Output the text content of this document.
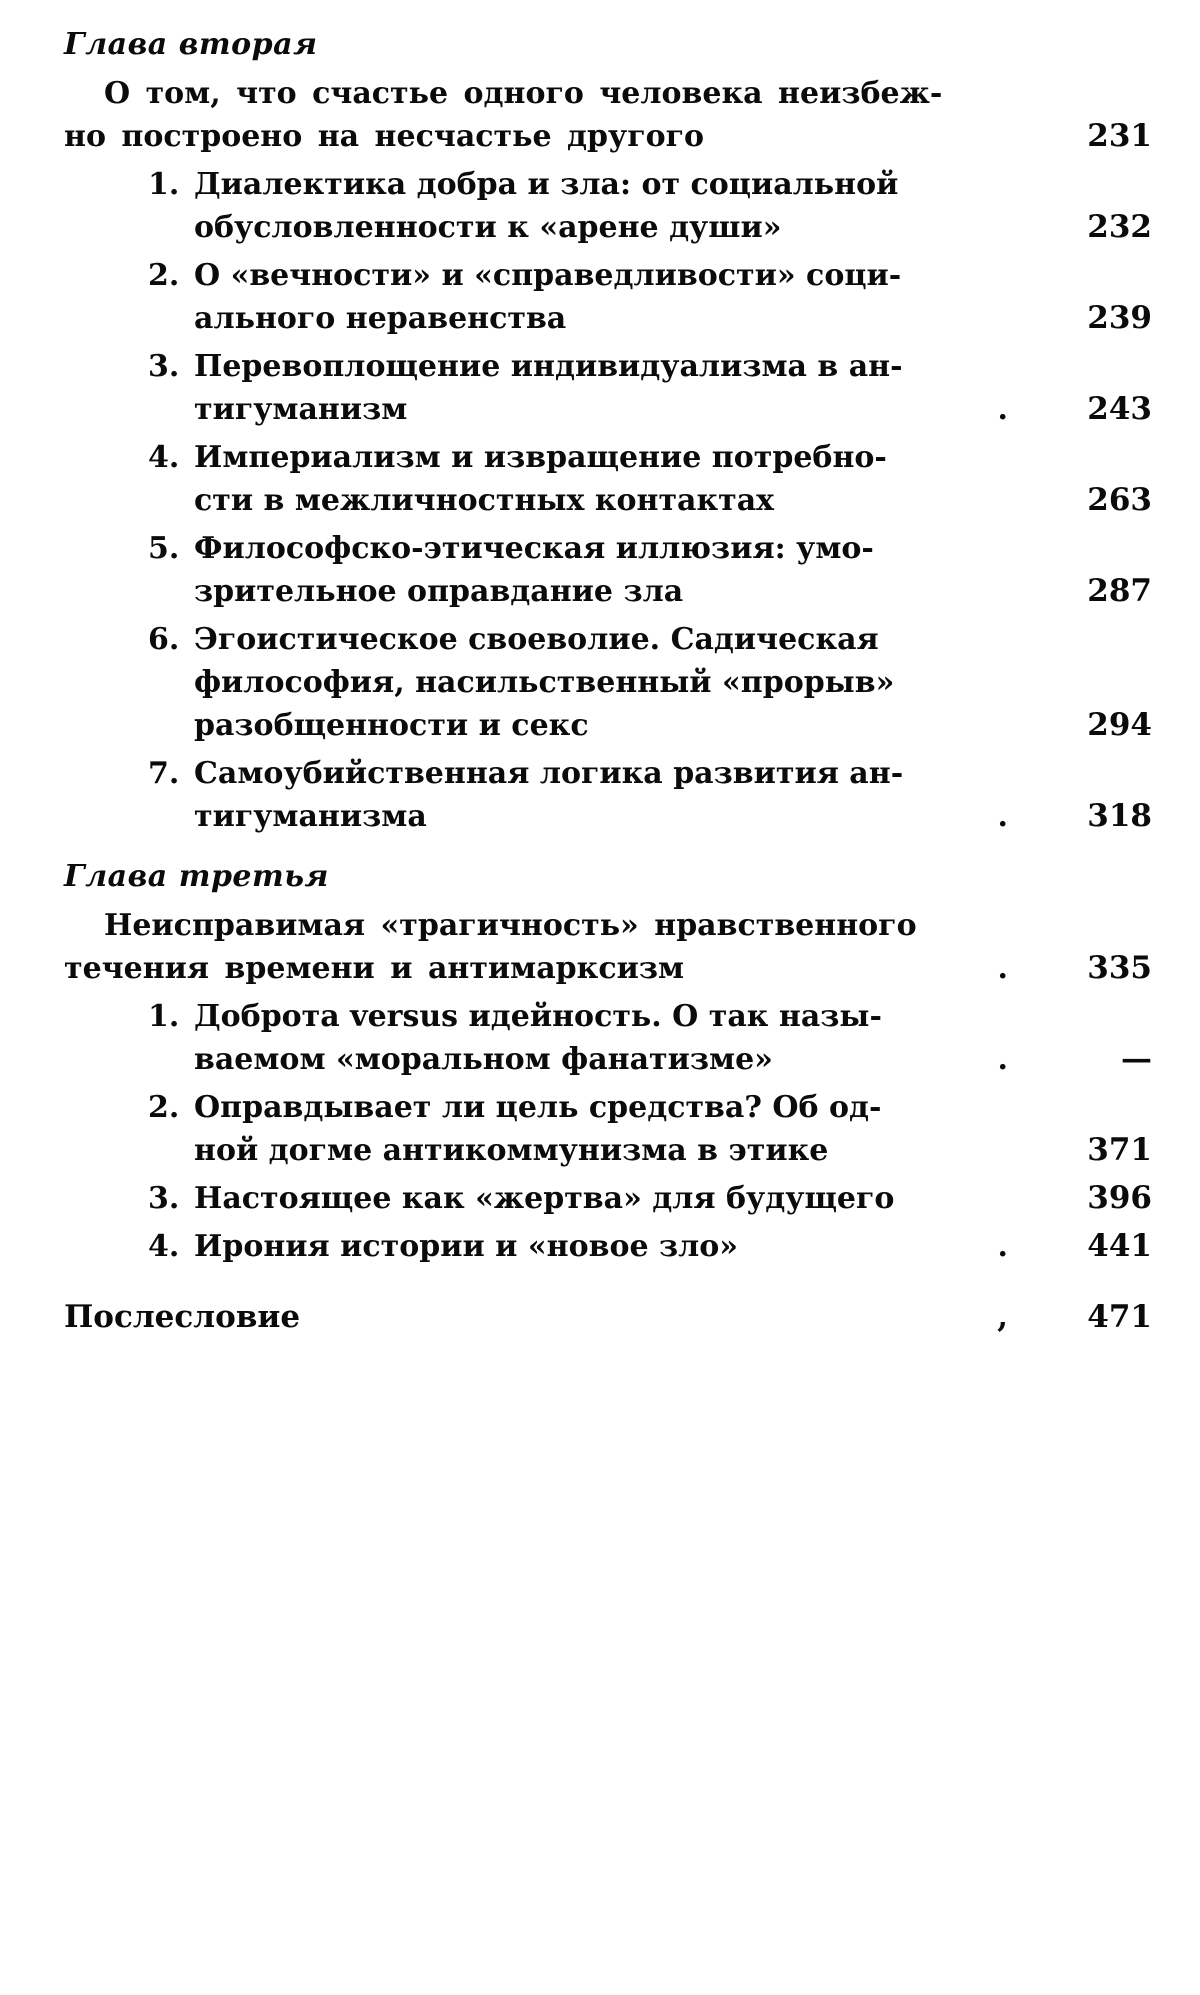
Глава вторая
О том, что счастье одного человека неизбеж-
но построено на несчастье другого	231
1. Диалектика добра и зла: от социальной
обусловленности к «арене души»	232
2. О «вечности» и «справедливости» соци-
ального неравенства	239
3. Перевоплощение индивидуализма в ан-
тигуманизм	.	243
4. Империализм и извращение потребно-
сти в межличностных контактах	263
5. Философско-этическая иллюзия: умо-
зрительное оправдание зла	287
6. Эгоистическое своеволие. Садическая
философия, насильственный «прорыв»
разобщенности и секс	294
7. Самоубийственная логика развития ан-
тигуманизма	.	318
Глава третья
Неисправимая «трагичность» нравственного
течения времени и антимарксизм	.	335
1. Доброта versus идейность. О так назы-
ваемом «моральном фанатизме»	.	—
2. Оправдывает ли цель средства? Об од-
ной догме антикоммунизма в этике	371
3. Настоящее как «жертва» для будущего	396
4. Ирония истории и «новое зло»	.	441
Послесловие	,	471
